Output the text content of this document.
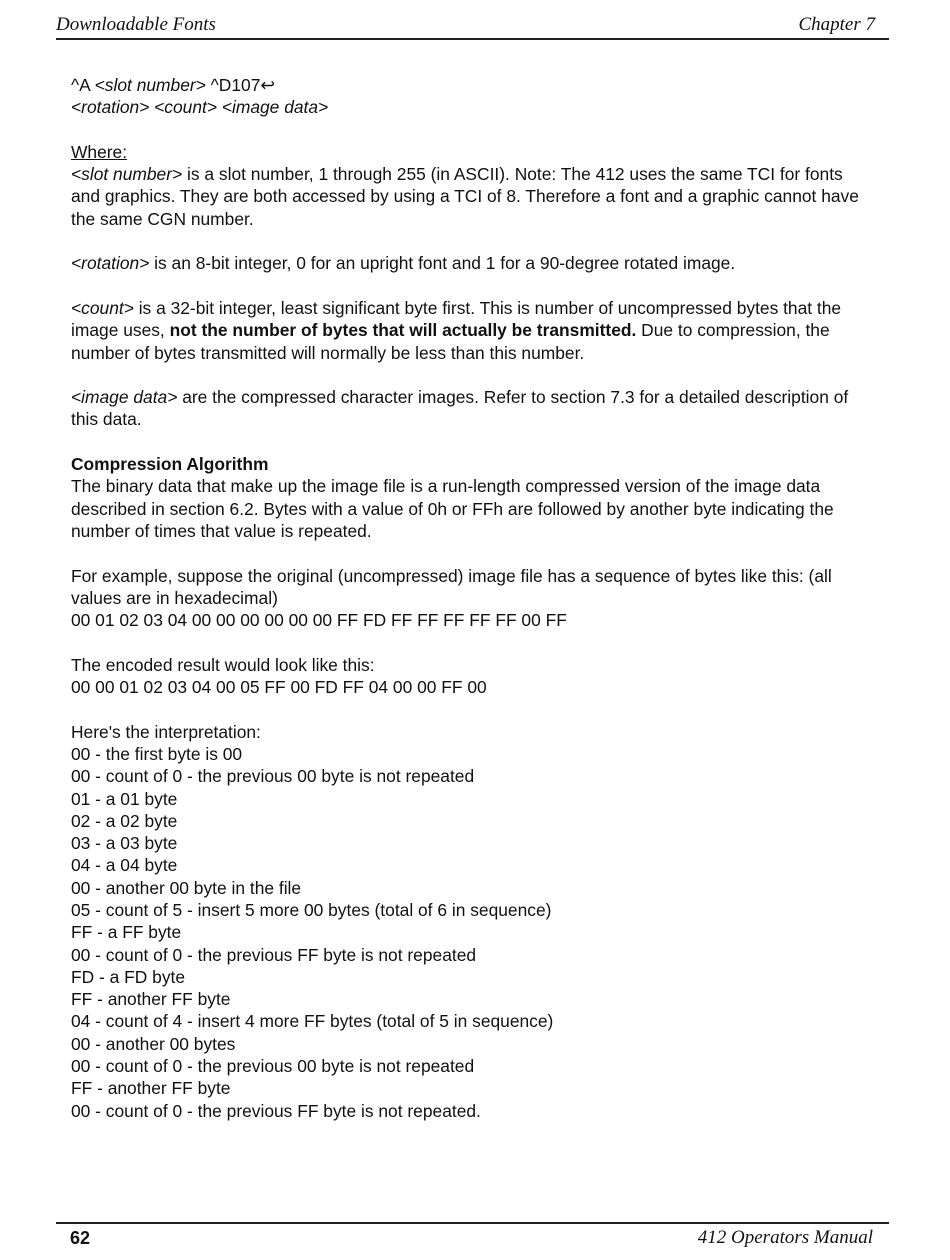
Downloadable Fonts	Chapter 7

^A <slot number> ^D107↩

<rotation> <count> <image data>

Where:

<slot number> is a slot number, 1 through 255 (in ASCII). Note: The 412 uses the same TCI for fonts and graphics. They are both accessed by using a TCI of 8. Therefore a font and a graphic cannot have the same CGN number.

<rotation> is an 8-bit integer, 0 for an upright font and 1 for a 90-degree rotated image.

<count> is a 32-bit integer, least significant byte first. This is number of uncompressed bytes that the image uses, not the number of bytes that will actually be transmitted. Due to compression, the number of bytes transmitted will normally be less than this number.

<image data> are the compressed character images. Refer to section 7.3 for a detailed description of this data.

Compression Algorithm

The binary data that make up the image file is a run-length compressed version of the image data described in section 6.2. Bytes with a value of 0h or FFh are followed by another byte indicating the number of times that value is repeated.

For example, suppose the original (uncompressed) image file has a sequence of bytes like this: (all values are in hexadecimal)

00 01 02 03 04 00 00 00 00 00 00 FF FD FF FF FF FF FF 00 FF

The encoded result would look like this:

00 00 01 02 03 04 00 05 FF 00 FD FF 04 00 00 FF 00

Here's the interpretation:

00 - the first byte is 00
00 - count of 0 - the previous 00 byte is not repeated
01 - a 01 byte
02 - a 02 byte
03 - a 03 byte
04 - a 04 byte
00 - another 00 byte in the file
05 - count of 5 - insert 5 more 00 bytes (total of 6 in sequence)
FF - a FF byte
00 - count of 0 - the previous FF byte is not repeated
FD - a FD byte
FF - another FF byte
04 - count of 4 - insert 4 more FF bytes (total of 5 in sequence)
00 - another 00 bytes
00 - count of 0 - the previous 00 byte is not repeated
FF - another FF byte
00 - count of 0 - the previous FF byte is not repeated.
62	412 Operators Manual
